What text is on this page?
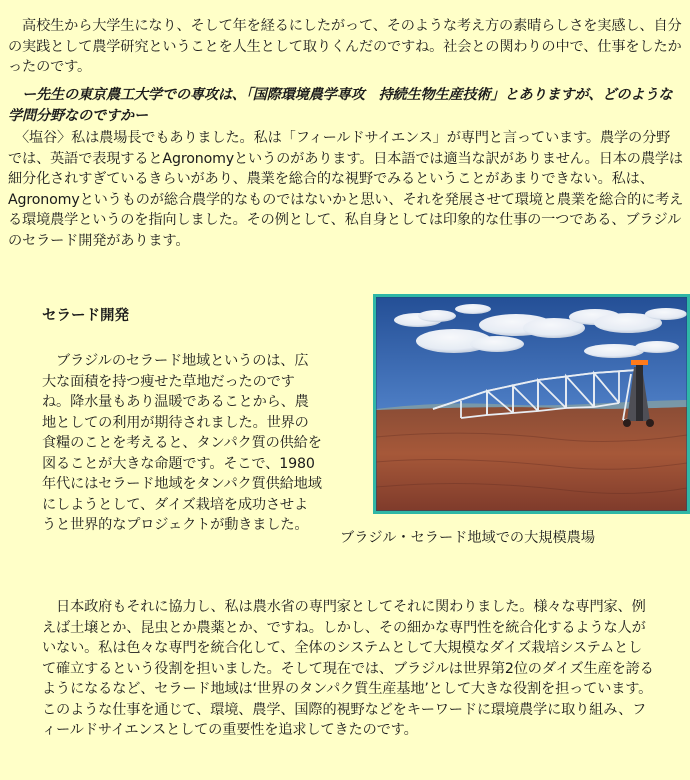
　高校生から大学生になり、そして年を経るにしたがって、そのような考え方の素晴らしさを実感し、自分の実践として農学研究ということを人生として取りくんだのですね。社会との関わりの中で、仕事をしたかったのです。

　ー先生の東京農工大学での専攻は、「国際環境農学専攻　持続生物生産技術」とありますが、どのような学問分野なのですかー

　〈塩谷〉私は農場長でもありました。私は「フィールドサイエンス」が専門と言っています。農学の分野では、英語で表現するとAgronomyというのがあります。日本語では適当な訳がありません。日本の農学は細分化されすぎているきらいがあり、農業を総合的な視野でみるということがあまりできない。私は、Agronomyというものが総合農学的なものではないかと思い、それを発展させて環境と農業を総合的に考える環境農学というのを指向しました。その例として、私自身としては印象的な仕事の一つである、ブラジルのセラード開発があります。

セラード開発

　ブラジルのセラード地域というのは、広大な面積を持つ痩せた草地だったのですね。降水量もあり温暖であることから、農地としての利用が期待されました。世界の食糧のことを考えると、タンパク質の供給を図ることが大きな命題です。そこで、1980年代にはセラード地域をタンパク質供給地域にしようとして、ダイズ栽培を成功させようと世界的なプロジェクトが動きました。

ブラジル・セラード地域での大規模農場

　日本政府もそれに協力し、私は農水省の専門家としてそれに関わりました。様々な専門家、例えば土壌とか、昆虫とか農薬とか、ですね。しかし、その細かな専門性を統合化するような人がいない。私は色々な専門を統合化して、全体のシステムとして大規模なダイズ栽培システムとして確立するという役割を担いました。そして現在では、ブラジルは世界第2位のダイズ生産を誇るようになるなど、セラード地域は‘世界のタンパク質生産基地’として大きな役割を担っています。このような仕事を通じて、環境、農学、国際的視野などをキーワードに環境農学に取り組み、フィールドサイエンスとしての重要性を追求してきたのです。
